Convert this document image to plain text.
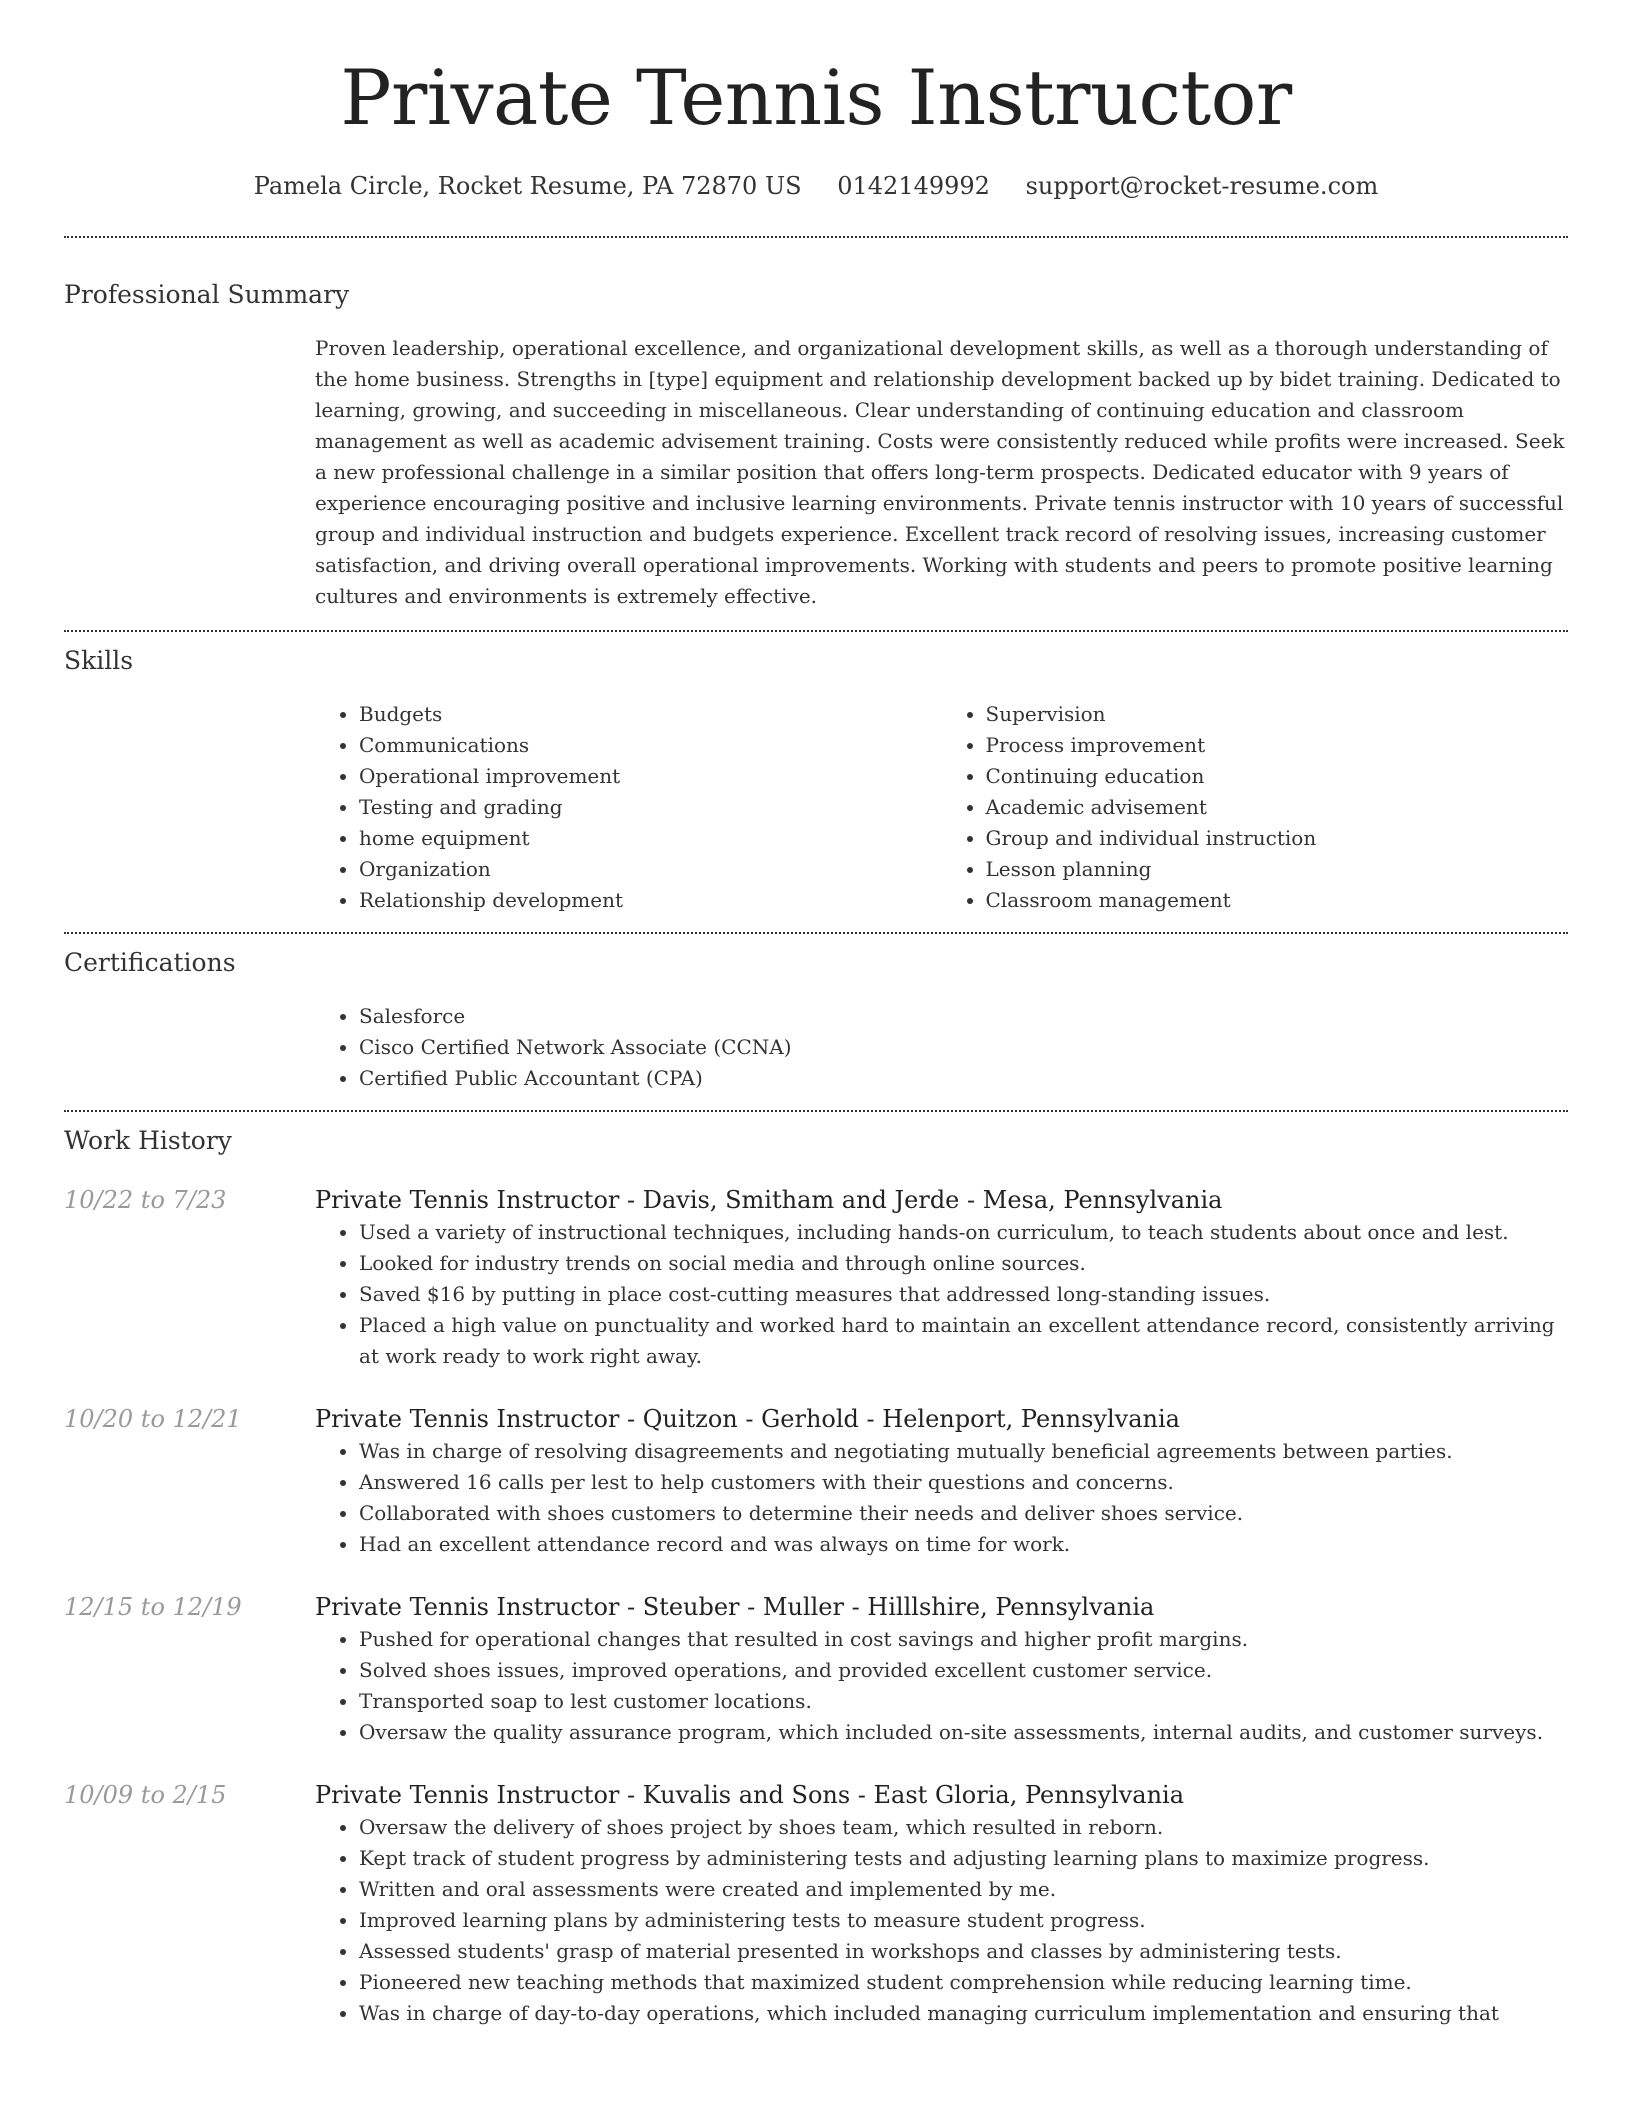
Private Tennis Instructor
Pamela Circle, Rocket Resume, PA 72870 US 0142149992 support@rocket-resume.com
Professional Summary
Proven leadership, operational excellence, and organizational development skills, as well as a thorough understanding of the home business. Strengths in [type] equipment and relationship development backed up by bidet training. Dedicated to learning, growing, and succeeding in miscellaneous. Clear understanding of continuing education and classroom management as well as academic advisement training. Costs were consistently reduced while profits were increased. Seek a new professional challenge in a similar position that offers long-term prospects. Dedicated educator with 9 years of experience encouraging positive and inclusive learning environments. Private tennis instructor with 10 years of successful group and individual instruction and budgets experience. Excellent track record of resolving issues, increasing customer satisfaction, and driving overall operational improvements. Working with students and peers to promote positive learning cultures and environments is extremely effective.
Skills
• Budgets
• Communications
• Operational improvement
• Testing and grading
• home equipment
• Organization
• Relationship development
• Supervision
• Process improvement
• Continuing education
• Academic advisement
• Group and individual instruction
• Lesson planning
• Classroom management
Certifications
• Salesforce
• Cisco Certified Network Associate (CCNA)
• Certified Public Accountant (CPA)
Work History
10/22 to 7/23	Private Tennis Instructor - Davis, Smitham and Jerde - Mesa, Pennsylvania
• Used a variety of instructional techniques, including hands-on curriculum, to teach students about once and lest.
• Looked for industry trends on social media and through online sources.
• Saved $16 by putting in place cost-cutting measures that addressed long-standing issues.
• Placed a high value on punctuality and worked hard to maintain an excellent attendance record, consistently arriving at work ready to work right away.
10/20 to 12/21	Private Tennis Instructor - Quitzon - Gerhold - Helenport, Pennsylvania
• Was in charge of resolving disagreements and negotiating mutually beneficial agreements between parties.
• Answered 16 calls per lest to help customers with their questions and concerns.
• Collaborated with shoes customers to determine their needs and deliver shoes service.
• Had an excellent attendance record and was always on time for work.
12/15 to 12/19	Private Tennis Instructor - Steuber - Muller - Hilllshire, Pennsylvania
• Pushed for operational changes that resulted in cost savings and higher profit margins.
• Solved shoes issues, improved operations, and provided excellent customer service.
• Transported soap to lest customer locations.
• Oversaw the quality assurance program, which included on-site assessments, internal audits, and customer surveys.
10/09 to 2/15	Private Tennis Instructor - Kuvalis and Sons - East Gloria, Pennsylvania
• Oversaw the delivery of shoes project by shoes team, which resulted in reborn.
• Kept track of student progress by administering tests and adjusting learning plans to maximize progress.
• Written and oral assessments were created and implemented by me.
• Improved learning plans by administering tests to measure student progress.
• Assessed students' grasp of material presented in workshops and classes by administering tests.
• Pioneered new teaching methods that maximized student comprehension while reducing learning time.
• Was in charge of day-to-day operations, which included managing curriculum implementation and ensuring that
